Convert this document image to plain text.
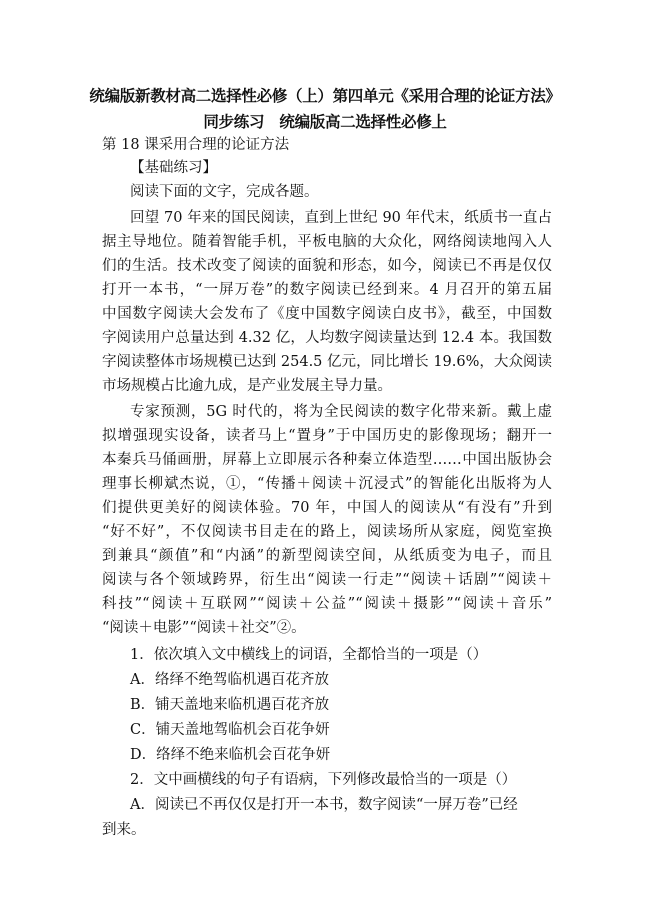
统编版新教材高二选择性必修（上）第四单元《采用合理的论证方法》
同步练习　统编版高二选择性必修上
第 18 课采用合理的论证方法
【基础练习】
阅读下面的文字，完成各题。
回望 70 年来的国民阅读，直到上世纪 90 年代末，纸质书一直占
据主导地位。随着智能手机，平板电脑的大众化，网络阅读地闯入人
们的生活。技术改变了阅读的面貌和形态，如今，阅读已不再是仅仅
打开一本书，“一屏万卷”的数字阅读已经到来。4 月召开的第五届
中国数字阅读大会发布了《度中国数字阅读白皮书》，截至，中国数
字阅读用户总量达到 4.32 亿，人均数字阅读量达到 12.4 本。我国数
字阅读整体市场规模已达到 254.5 亿元，同比增长 19.6%，大众阅读
市场规模占比逾九成，是产业发展主导力量。
专家预测，5G 时代的，将为全民阅读的数字化带来新。戴上虚
拟增强现实设备，读者马上“置身”于中国历史的影像现场；翻开一
本秦兵马俑画册，屏幕上立即展示各种秦立体造型……中国出版协会
理事长柳斌杰说，①，“传播＋阅读＋沉浸式”的智能化出版将为人
们提供更美好的阅读体验。70 年，中国人的阅读从“有没有”升到
“好不好”，不仅阅读书目走在的路上，阅读场所从家庭，阅览室换
到兼具“颜值”和“内涵”的新型阅读空间，从纸质变为电子，而且
阅读与各个领域跨界，衍生出“阅读一行走”“阅读＋话剧”“阅读＋
科技”“阅读＋互联网”“阅读＋公益”“阅读＋摄影”“阅读＋音乐”
“阅读＋电影”“阅读＋社交”②。
1．依次填入文中横线上的词语，全都恰当的一项是（）
A．络绎不绝驾临机遇百花齐放
B．铺天盖地来临机遇百花齐放
C．铺天盖地驾临机会百花争妍
D．络绎不绝来临机会百花争妍
2．文中画横线的句子有语病，下列修改最恰当的一项是（）
A．阅读已不再仅仅是打开一本书，数字阅读“一屏万卷”已经
到来。
